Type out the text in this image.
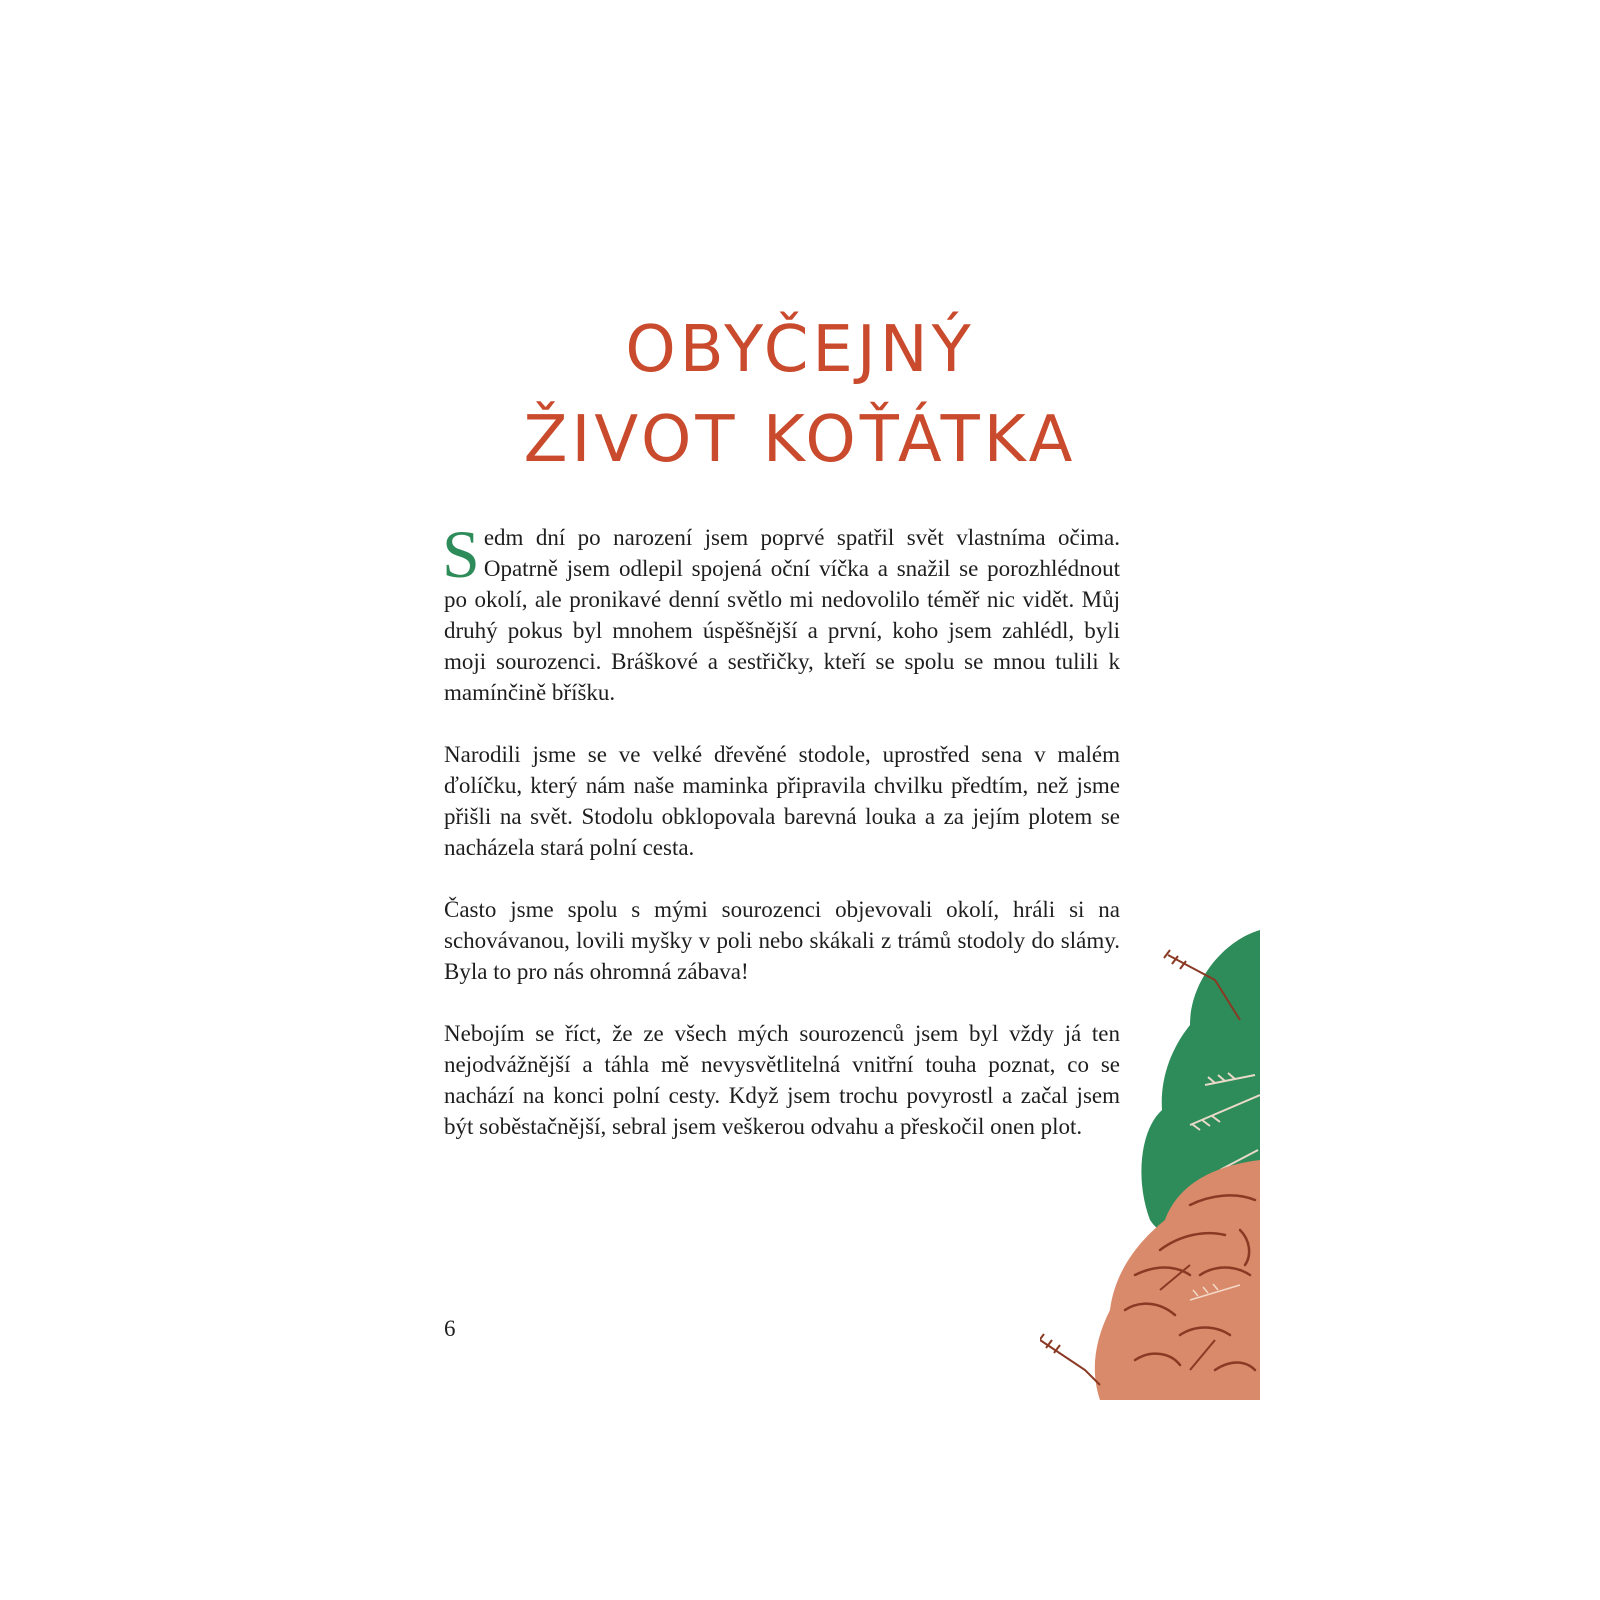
OBYČEJNÝ
ŽIVOT KOŤÁTKA

Sedm dní po narození jsem poprvé spatřil svět vlastníma očima. Opatrně jsem odlepil spojená oční víčka a snažil se porozhlédnout po okolí, ale pronikavé denní světlo mi nedovolilo téměř nic vidět. Můj druhý pokus byl mnohem úspěšnější a první, koho jsem zahlédl, byli moji sourozenci. Bráškové a sestřičky, kteří se spolu se mnou tulili k mamínčině bříšku.

Narodili jsme se ve velké dřevěné stodole, uprostřed sena v malém ďolíčku, který nám naše maminka připravila chvilku předtím, než jsme přišli na svět. Stodolu obklopovala barevná louka a za jejím plotem se nacházela stará polní cesta.

Často jsme spolu s mými sourozenci objevovali okolí, hráli si na schovávanou, lovili myšky v poli nebo skákali z trámů stodoly do slámy. Byla to pro nás ohromná zábava!

Nebojím se říct, že ze všech mých sourozenců jsem byl vždy já ten nejodvážnější a táhla mě nevysvětlitelná vnitřní touha poznat, co se nachází na konci polní cesty. Když jsem trochu povyrostl a začal jsem být soběstačnější, sebral jsem veškerou odvahu a přeskočil onen plot.

6
